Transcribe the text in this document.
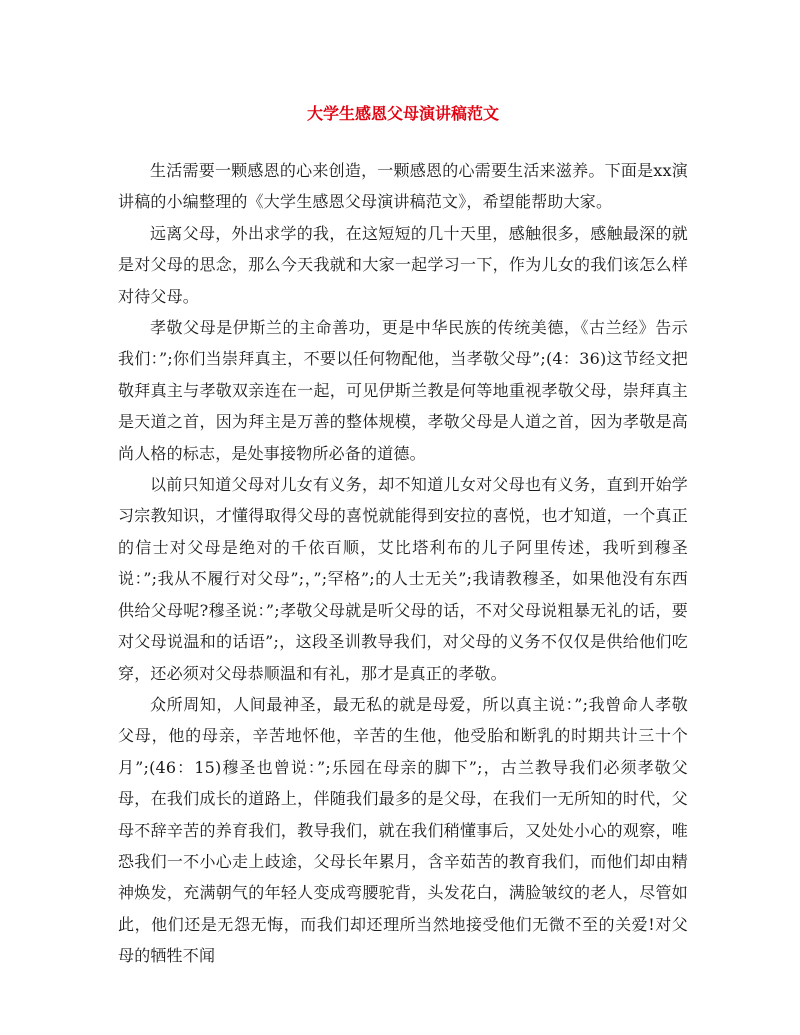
大学生感恩父母演讲稿范文

生活需要一颗感恩的心来创造，一颗感恩的心需要生活来滋养。下面是xx演讲稿的小编整理的《大学生感恩父母演讲稿范文》，希望能帮助大家。

远离父母，外出求学的我，在这短短的几十天里，感触很多，感触最深的就是对父母的思念，那么今天我就和大家一起学习一下，作为儿女的我们该怎么样对待父母。

孝敬父母是伊斯兰的主命善功，更是中华民族的传统美德，《古兰经》告示我们：”;你们当崇拜真主，不要以任何物配他，当孝敬父母”;(4：36)这节经文把敬拜真主与孝敬双亲连在一起，可见伊斯兰教是何等地重视孝敬父母，崇拜真主是天道之首，因为拜主是万善的整体规模，孝敬父母是人道之首，因为孝敬是高尚人格的标志，是处事接物所必备的道德。

以前只知道父母对儿女有义务，却不知道儿女对父母也有义务，直到开始学习宗教知识，才懂得取得父母的喜悦就能得到安拉的喜悦，也才知道，一个真正的信士对父母是绝对的千依百顺，艾比塔利布的儿子阿里传述，我听到穆圣说：”;我从不履行对父母”;，”;罕格”;的人士无关”;我请教穆圣，如果他没有东西供给父母呢?穆圣说：”;孝敬父母就是听父母的话，不对父母说粗暴无礼的话，要对父母说温和的话语”;，这段圣训教导我们，对父母的义务不仅仅是供给他们吃穿，还必须对父母恭顺温和有礼，那才是真正的孝敬。

众所周知，人间最神圣，最无私的就是母爱，所以真主说：”;我曾命人孝敬父母，他的母亲，辛苦地怀他，辛苦的生他，他受胎和断乳的时期共计三十个月”;(46：15)穆圣也曾说：”;乐园在母亲的脚下”;，古兰教导我们必须孝敬父母，在我们成长的道路上，伴随我们最多的是父母，在我们一无所知的时代，父母不辞辛苦的养育我们，教导我们，就在我们稍懂事后，又处处小心的观察，唯恐我们一不小心走上歧途，父母长年累月，含辛茹苦的教育我们，而他们却由精神焕发，充满朝气的年轻人变成弯腰驼背，头发花白，满脸皱纹的老人，尽管如此，他们还是无怨无悔，而我们却还理所当然地接受他们无微不至的关爱!对父母的牺牲不闻
